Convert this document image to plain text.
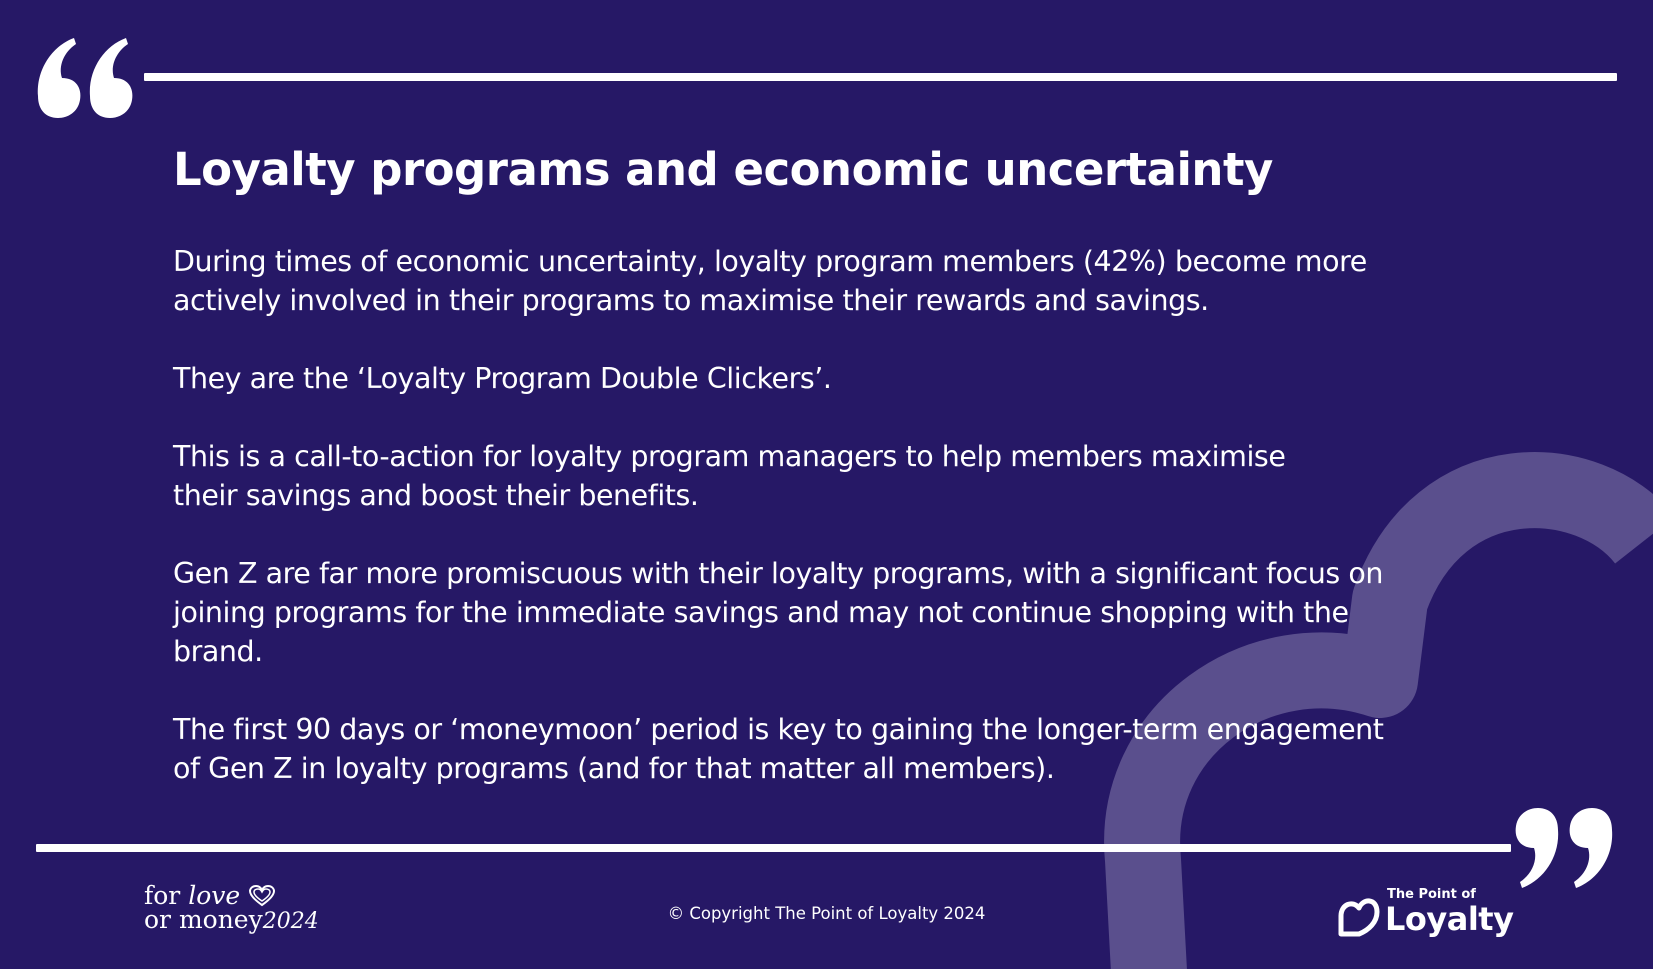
Loyalty programs and economic uncertainty

During times of economic uncertainty, loyalty program members (42%) become more
actively involved in their programs to maximise their rewards and savings.

They are the ‘Loyalty Program Double Clickers’.

This is a call-to-action for loyalty program managers to help members maximise
their savings and boost their benefits.

Gen Z are far more promiscuous with their loyalty programs, with a significant focus on
joining programs for the immediate savings and may not continue shopping with the
brand.

The first 90 days or ‘moneymoon’ period is key to gaining the longer-term engagement
of Gen Z in loyalty programs (and for that matter all members).

for love
or money2024	© Copyright The Point of Loyalty 2024
The Point of
Loyalty
